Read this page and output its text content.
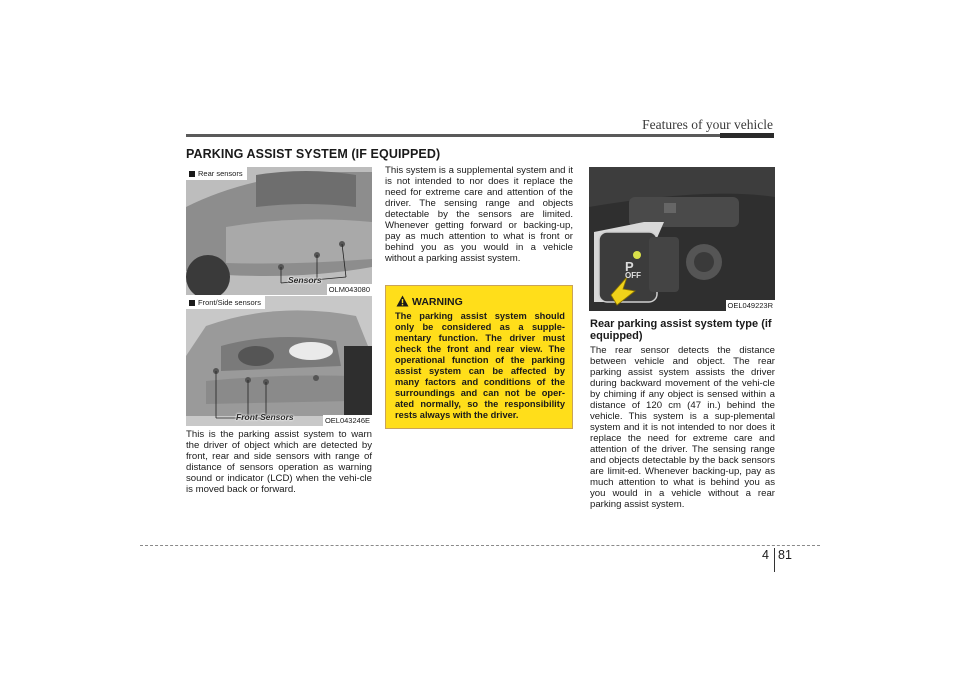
Features of your vehicle
PARKING ASSIST SYSTEM (IF EQUIPPED)
Rear sensors
Sensors
OLM043080
Front/Side sensors
Front Sensors	OEL043246E
This is the parking assist system to warn the driver of object which are detected by front, rear and side sensors with range of distance of sensors operation as warning sound or indicator (LCD) when the vehi-cle is moved back or forward.
This system is a supplemental system and it is not intended to nor does it replace the need for extreme care and attention of the driver. The sensing range and objects detectable by the sensors are limited. Whenever getting forward or backing-up, pay as much attention to what is front or behind you as you would in a vehicle without a parking assist system.
WARNING
The parking assist system should only be considered as a supple-mentary function. The driver must check the front and rear view. The operational function of the parking assist system can be affected by many factors and conditions of the surroundings and can not be oper-ated normally, so the responsibility rests always with the driver.
P
OFF
OEL049223R
Rear parking assist system type (if equipped)
The rear sensor detects the distance between vehicle and object. The rear parking assist system assists the driver during backward movement of the vehi-cle by chiming if any object is sensed within a distance of 120 cm (47 in.) behind the vehicle. This system is a sup-plemental system and it is not intended to nor does it replace the need for extreme care and attention of the driver. The sensing range and objects detectable by the back sensors are limit-ed. Whenever backing-up, pay as much attention to what is behind you as you would in a vehicle without a rear parking assist system.
4 81
